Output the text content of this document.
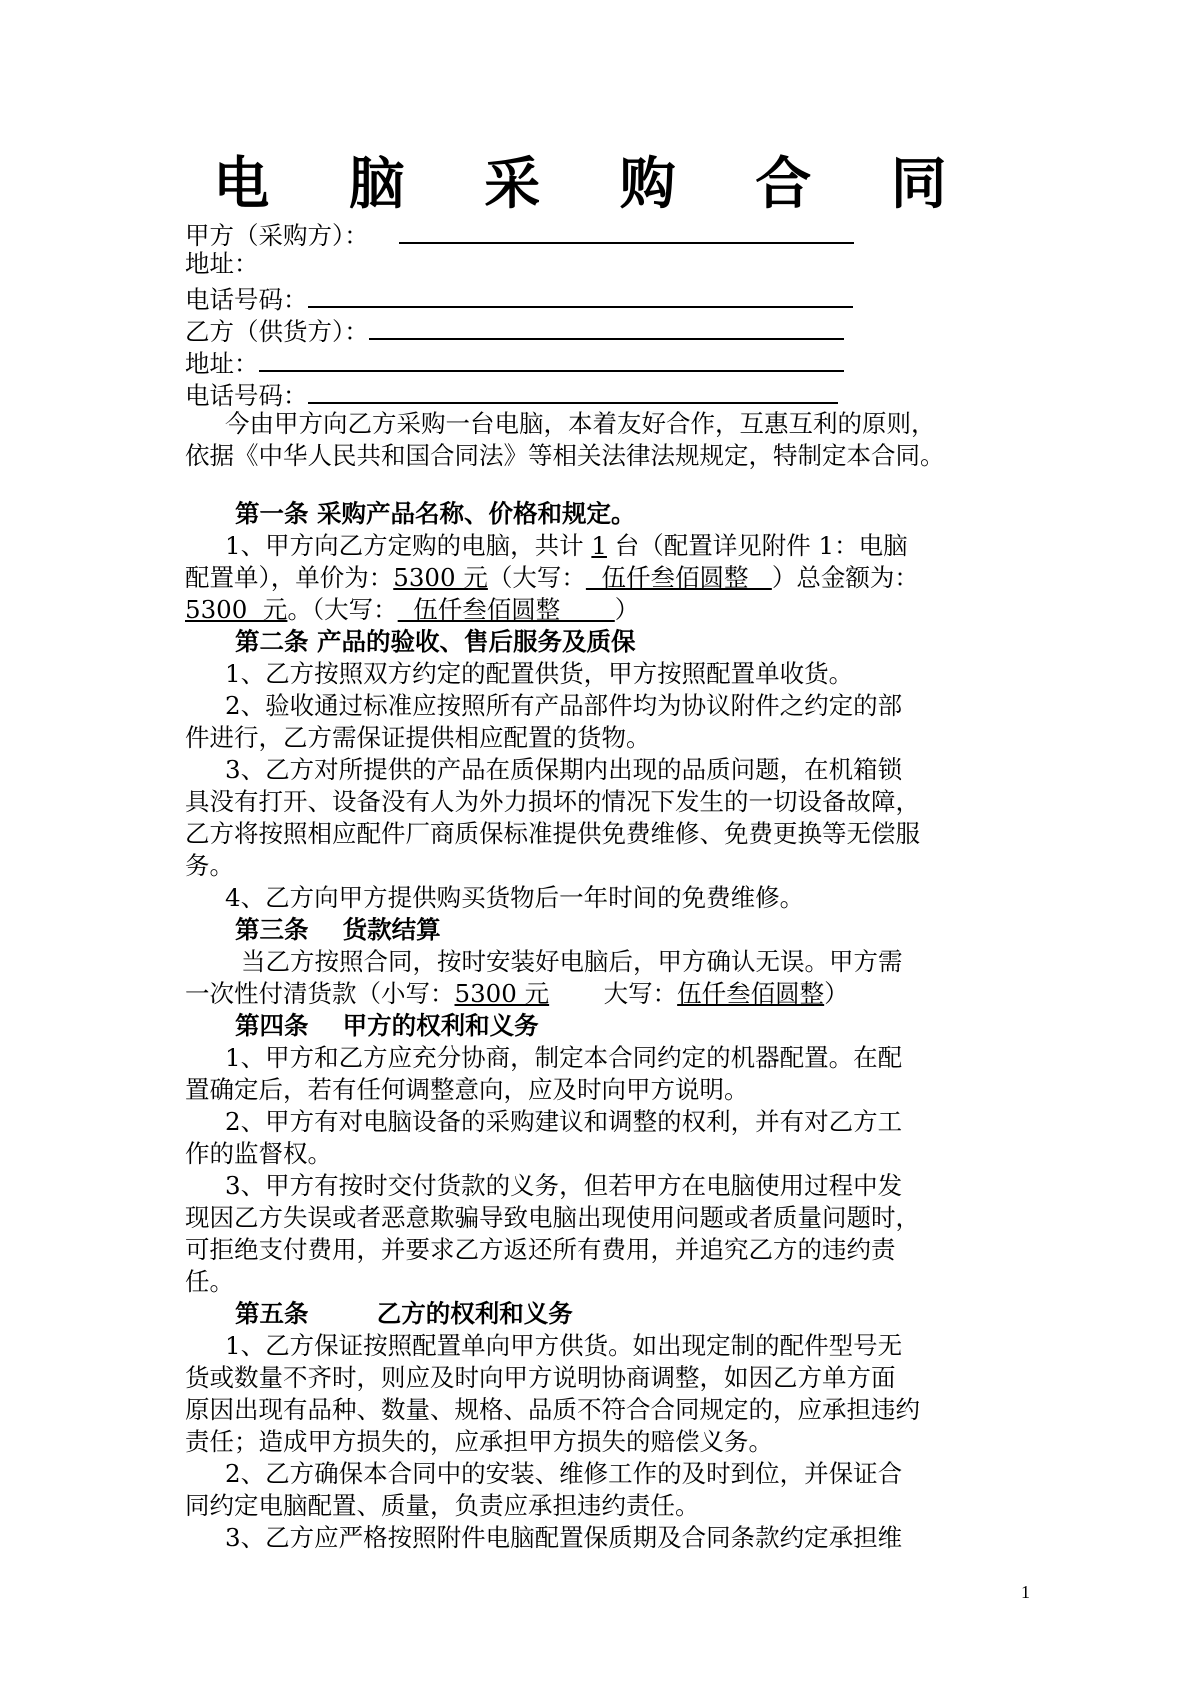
电 脑 采 购 合 同
甲方（采购方）：
地址：
电话号码：
乙方（供货方）：
地址：
电话号码：
今由甲方向乙方采购一台电脑，本着友好合作，互惠互利的原则，
依据《中华人民共和国合同法》等相关法律法规规定，特制定本合同。
第一条 采购产品名称、价格和规定。
1、甲方向乙方定购的电脑，共计 1 台（配置详见附件 1：电脑
配置单），单价为：5300 元（大写：  伍仟叁佰圆整   ）总金额为：
5300  元。（大写：  伍仟叁佰圆整       ）
第二条 产品的验收、售后服务及质保
1、乙方按照双方约定的配置供货，甲方按照配置单收货。
2、验收通过标准应按照所有产品部件均为协议附件之约定的部
件进行，乙方需保证提供相应配置的货物。
3、乙方对所提供的产品在质保期内出现的品质问题，在机箱锁
具没有打开、设备没有人为外力损坏的情况下发生的一切设备故障，
乙方将按照相应配件厂商质保标准提供免费维修、免费更换等无偿服
务。
4、乙方向甲方提供购买货物后一年时间的免费维修。
第三条    货款结算
当乙方按照合同，按时安装好电脑后，甲方确认无误。甲方需
一次性付清货款（小写：5300 元       大写：伍仟叁佰圆整）
第四条    甲方的权利和义务
1、甲方和乙方应充分协商，制定本合同约定的机器配置。在配
置确定后，若有任何调整意向，应及时向甲方说明。
2、甲方有对电脑设备的采购建议和调整的权利，并有对乙方工
作的监督权。
3、甲方有按时交付货款的义务，但若甲方在电脑使用过程中发
现因乙方失误或者恶意欺骗导致电脑出现使用问题或者质量问题时，
可拒绝支付费用，并要求乙方返还所有费用，并追究乙方的违约责
任。
第五条        乙方的权利和义务
1、乙方保证按照配置单向甲方供货。如出现定制的配件型号无
货或数量不齐时，则应及时向甲方说明协商调整，如因乙方单方面
原因出现有品种、数量、规格、品质不符合合同规定的，应承担违约
责任；造成甲方损失的，应承担甲方损失的赔偿义务。
2、乙方确保本合同中的安装、维修工作的及时到位，并保证合
同约定电脑配置、质量，负责应承担违约责任。
3、乙方应严格按照附件电脑配置保质期及合同条款约定承担维
1
